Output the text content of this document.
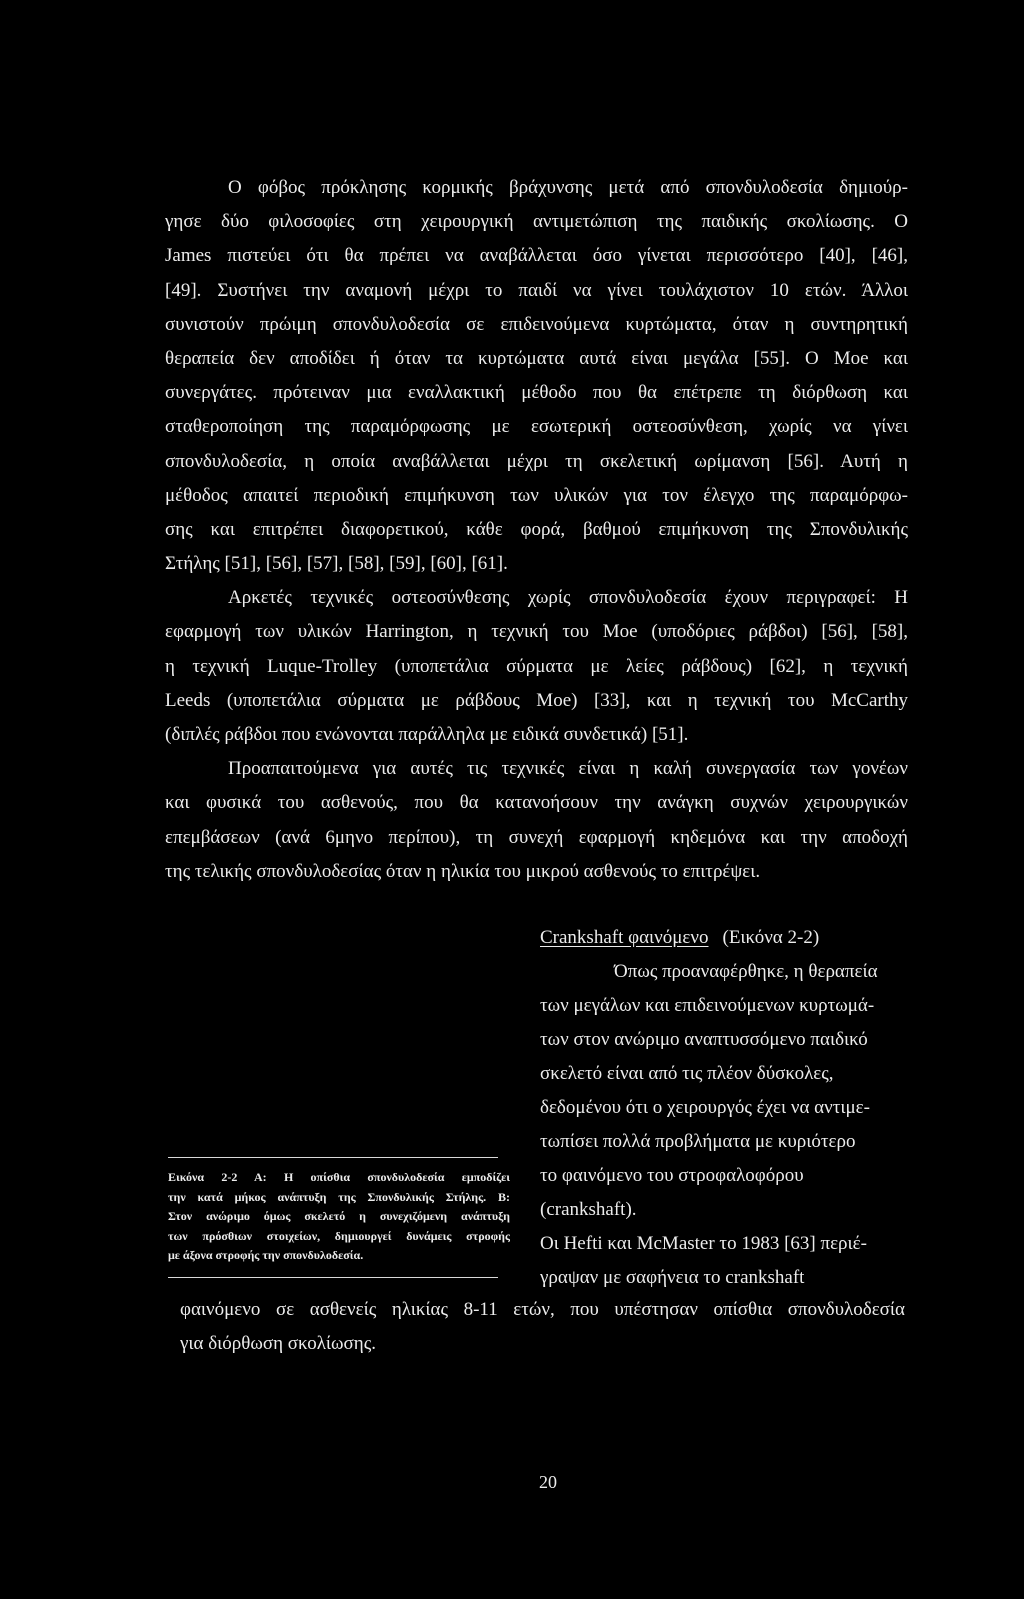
Ο φόβος πρόκλησης κορμικής βράχυνσης μετά από σπονδυλοδεσία δημιούρ-
γησε δύο φιλοσοφίες στη χειρουργική αντιμετώπιση της παιδικής σκολίωσης. Ο
James πιστεύει ότι θα πρέπει να αναβάλλεται όσο γίνεται περισσότερο [40], [46],
[49]. Συστήνει την αναμονή μέχρι το παιδί να γίνει τουλάχιστον 10 ετών. Άλλοι
συνιστούν πρώιμη σπονδυλοδεσία σε επιδεινούμενα κυρτώματα, όταν η συντηρητική
θεραπεία δεν αποδίδει ή όταν τα κυρτώματα αυτά είναι μεγάλα [55]. Ο Moe και
συνεργάτες. πρότειναν μια εναλλακτική μέθοδο που θα επέτρεπε τη διόρθωση και
σταθεροποίηση της παραμόρφωσης με εσωτερική οστεοσύνθεση, χωρίς να γίνει
σπονδυλοδεσία, η οποία αναβάλλεται μέχρι τη σκελετική ωρίμανση [56]. Αυτή η
μέθοδος απαιτεί περιοδική επιμήκυνση των υλικών για τον έλεγχο της παραμόρφω-
σης και επιτρέπει διαφορετικού, κάθε φορά, βαθμού επιμήκυνση της Σπονδυλικής
Στήλης [51], [56], [57], [58], [59], [60], [61].
Αρκετές τεχνικές οστεοσύνθεσης χωρίς σπονδυλοδεσία έχουν περιγραφεί: Η
εφαρμογή των υλικών Harrington, η τεχνική του Moe (υποδόριες ράβδοι) [56], [58],
η τεχνική Luque-Trolley (υποπετάλια σύρματα με λείες ράβδους) [62], η τεχνική
Leeds (υποπετάλια σύρματα με ράβδους Moe) [33], και η τεχνική του McCarthy
(διπλές ράβδοι που ενώνονται παράλληλα με ειδικά συνδετικά) [51].
Προαπαιτούμενα για αυτές τις τεχνικές είναι η καλή συνεργασία των γονέων
και φυσικά του ασθενούς, που θα κατανοήσουν την ανάγκη συχνών χειρουργικών
επεμβάσεων (ανά 6μηνο περίπου), τη συνεχή εφαρμογή κηδεμόνα και την αποδοχή
της τελικής σπονδυλοδεσίας όταν η ηλικία του μικρού ασθενούς το επιτρέψει.
Crankshaft φαινόμενο (Εικόνα 2-2)
Όπως προαναφέρθηκε, η θεραπεία
των μεγάλων και επιδεινούμενων κυρτωμά-
των στον ανώριμο αναπτυσσόμενο παιδικό
σκελετό είναι από τις πλέον δύσκολες,
δεδομένου ότι ο χειρουργός έχει να αντιμε-
τωπίσει πολλά προβλήματα με κυριότερο
το φαινόμενο του στροφαλοφόρου
(crankshaft).
Οι Hefti και McMaster το 1983 [63] περιέ-
γραψαν με σαφήνεια το crankshaft
Εικόνα 2-2 Α: Η οπίσθια σπονδυλοδεσία εμποδίζει
την κατά μήκος ανάπτυξη της Σπονδυλικής Στήλης. Β:
Στον ανώριμο όμως σκελετό η συνεχιζόμενη ανάπτυξη
των πρόσθιων στοιχείων, δημιουργεί δυνάμεις στροφής
με άξονα στροφής την σπονδυλοδεσία.
φαινόμενο σε ασθενείς ηλικίας 8-11 ετών, που υπέστησαν οπίσθια σπονδυλοδεσία
για διόρθωση σκολίωσης.
20
